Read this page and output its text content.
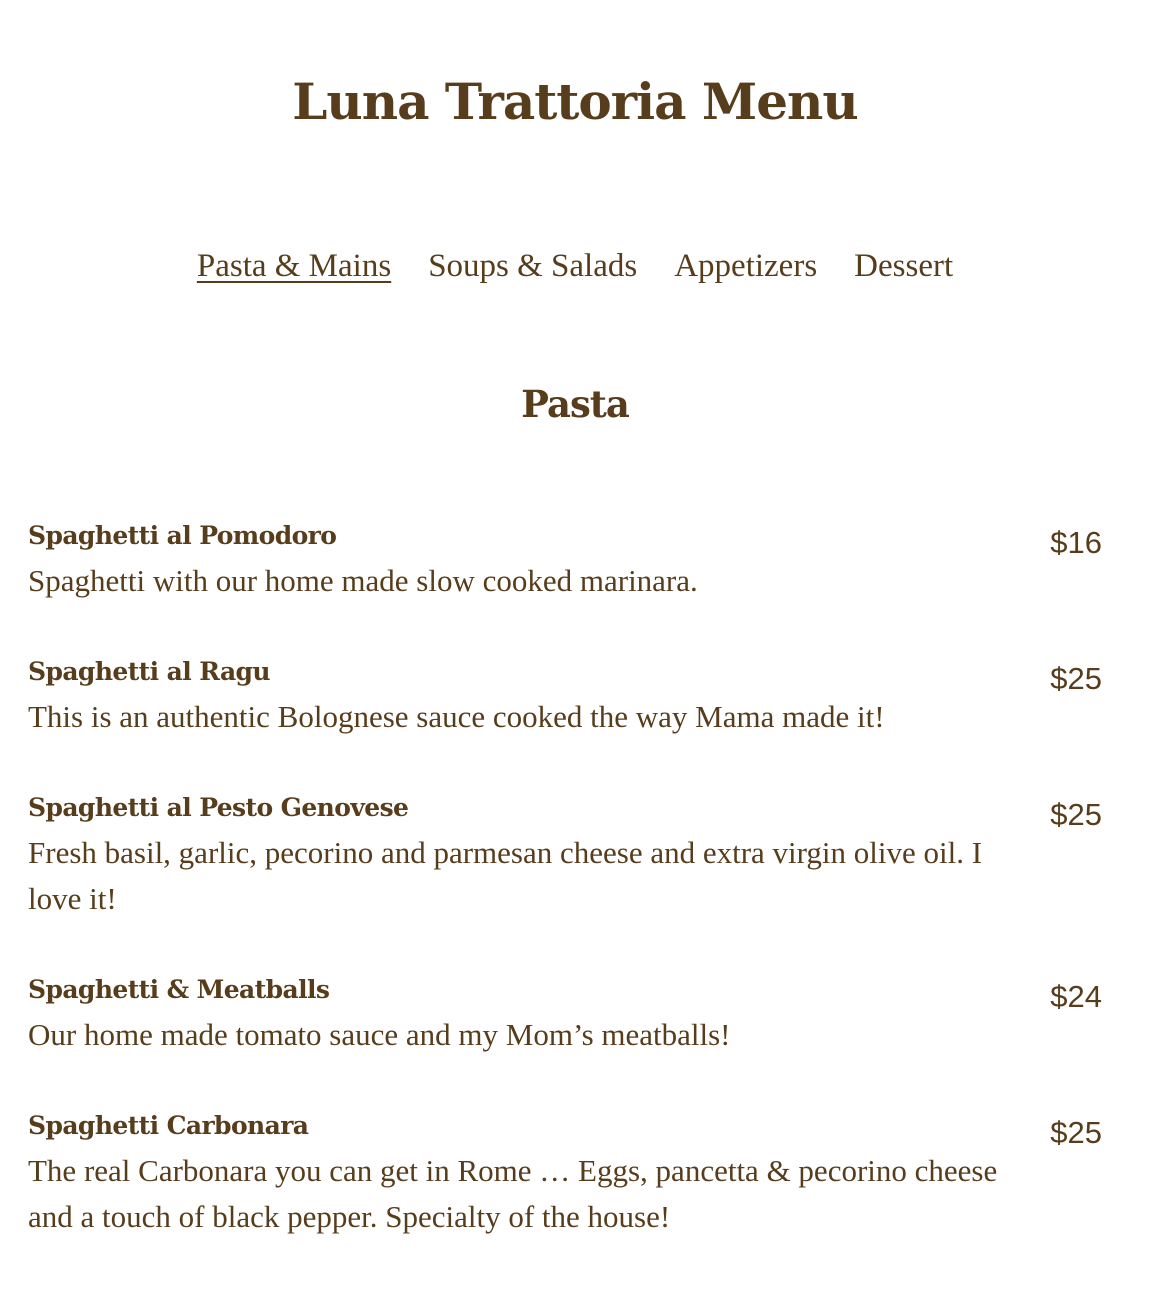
Luna Trattoria Menu
Pasta & Mains Soups & Salads Appetizers Dessert
Pasta
Spaghetti al Pomodoro
Spaghetti with our home made slow cooked marinara.
$16
Spaghetti al Ragu
This is an authentic Bolognese sauce cooked the way Mama made it!
$25
Spaghetti al Pesto Genovese
Fresh basil, garlic, pecorino and parmesan cheese and extra virgin olive oil. I love it!
$25
Spaghetti & Meatballs
Our home made tomato sauce and my Mom’s meatballs!
$24
Spaghetti Carbonara
The real Carbonara you can get in Rome … Eggs, pancetta & pecorino cheese and a touch of black pepper. Specialty of the house!
$25
